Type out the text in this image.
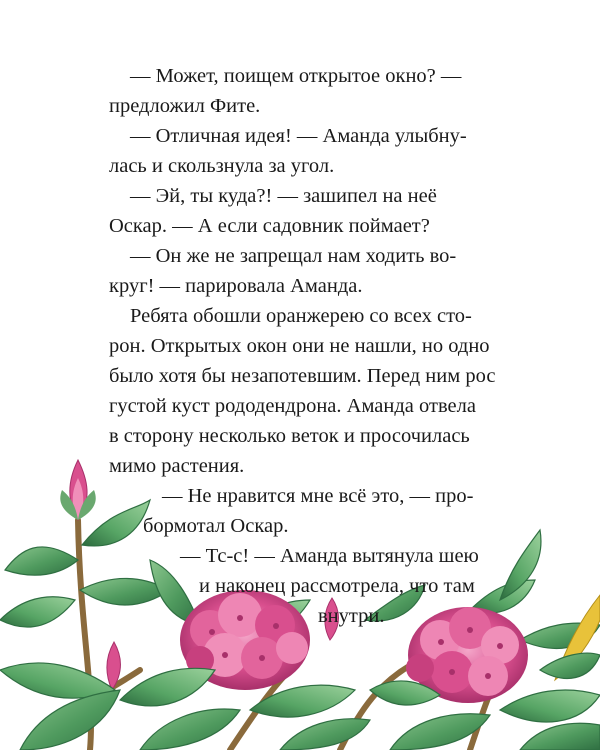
— Может, поищем открытое окно? —
предложил Фите.
— Отличная идея! — Аманда улыбну-
лась и скользнула за угол.
— Эй, ты куда?! — зашипел на неё
Оскар. — А если садовник поймает?
— Он же не запрещал нам ходить во-
круг! — парировала Аманда.
Ребята обошли оранжерею со всех сто-
рон. Открытых окон они не нашли, но одно
было хотя бы незапотевшим. Перед ним рос
густой куст рододендрона. Аманда отвела
в сторону несколько веток и просочилась
мимо растения.
— Не нравится мне всё это, — про-
бормотал Оскар.
— Тс-с! — Аманда вытянула шею
и наконец рассмотрела, что там
внутри.
